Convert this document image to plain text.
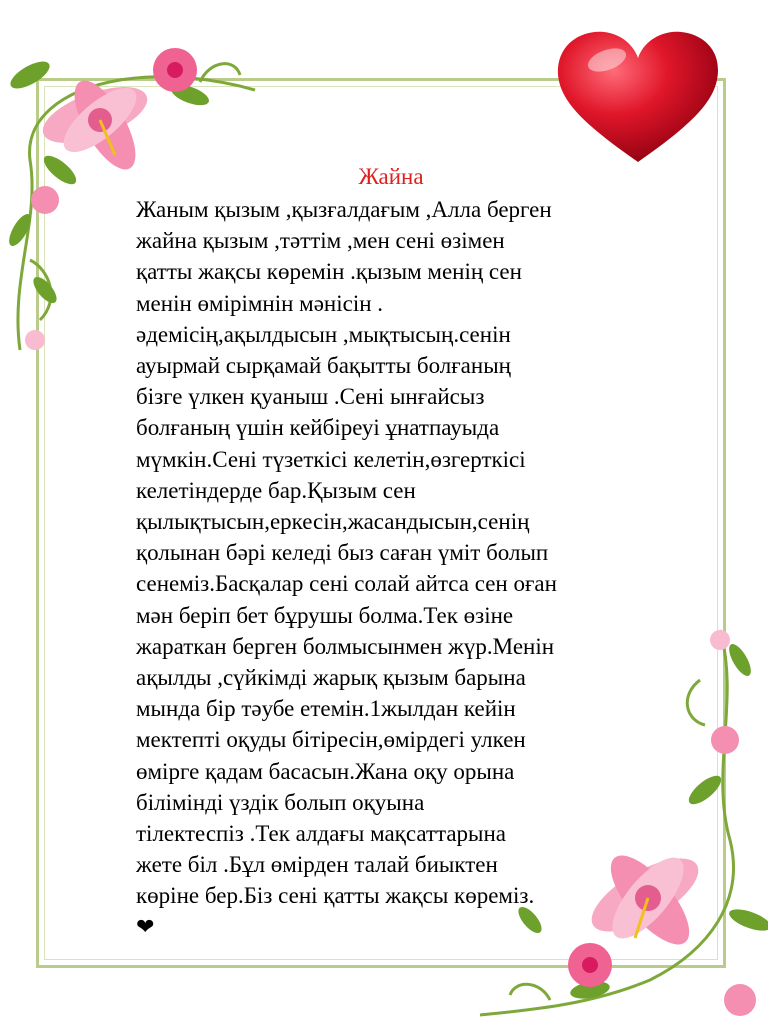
Жайна
Жаным қызым ,қызғалдағым ,Алла берген
жайна қызым ,тәттім ,мен сені өзімен
қатты жақсы көремін .қызым менің сен
менін өмірімнін мәнісін .
әдемісің,ақылдысын ,мықтысың.сенін
ауырмай сырқамай бақытты болғаның
бізге үлкен қуаныш .Сені ынғайсыз
болғаның үшін кейбіреуі ұнатпауыда
мүмкін.Сені түзеткісі келетін,өзгерткісі
келетіндерде бар.Қызым сен
қылықтысын,еркесін,жасандысын,сенің
қолынан бәрі келеді быз саған үміт болып
сенеміз.Басқалар сені солай айтса сен оған
мән беріп бет бұрушы болма.Тек өзіне
жараткан берген болмысынмен жүр.Менін
ақылды ,сүйкімді жарық қызым барына
мында бір тәубе етемін.1жылдан кейін
мектепті оқуды бітіресін,өмірдегі улкен
өмірге қадам басасын.Жана оқу орына
білімінді үздік болып оқуына
тілектеспіз .Тек алдағы мақсаттарына
жете біл .Бұл өмірден талай биыктен
көріне бер.Біз сені қатты жақсы көреміз.
❤
